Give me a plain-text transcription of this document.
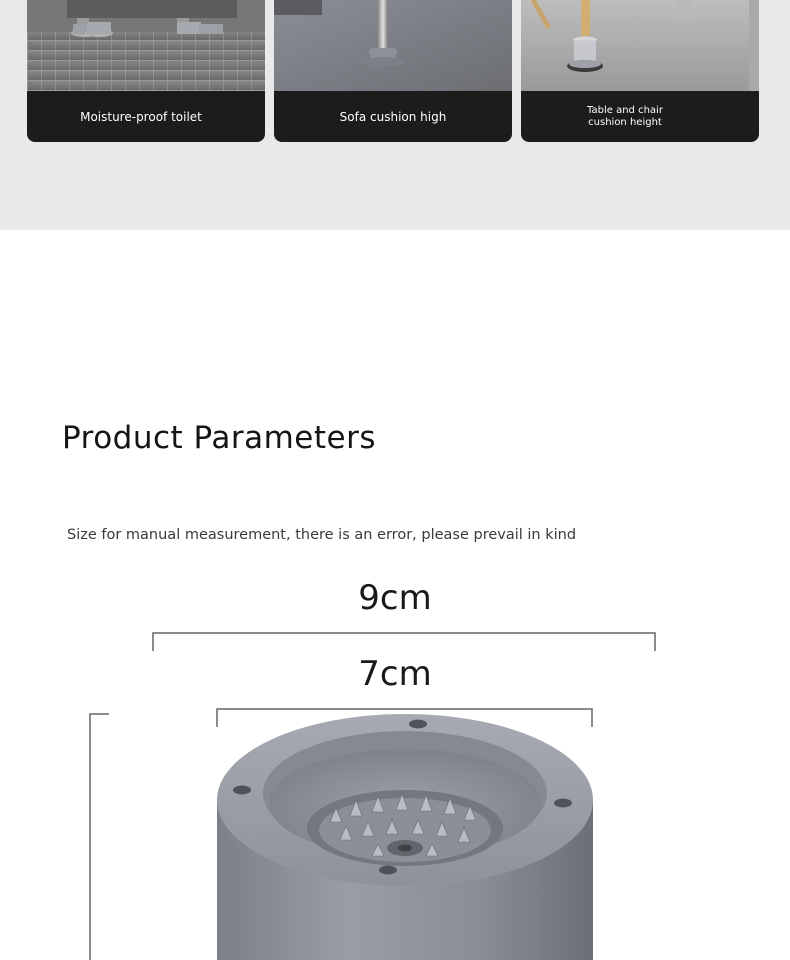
Moisture-proof toilet	Sofa cushion high	Table and chair
cushion height
Product Parameters

Size for manual measurement, there is an error, please prevail in kind

9cm
7cm
